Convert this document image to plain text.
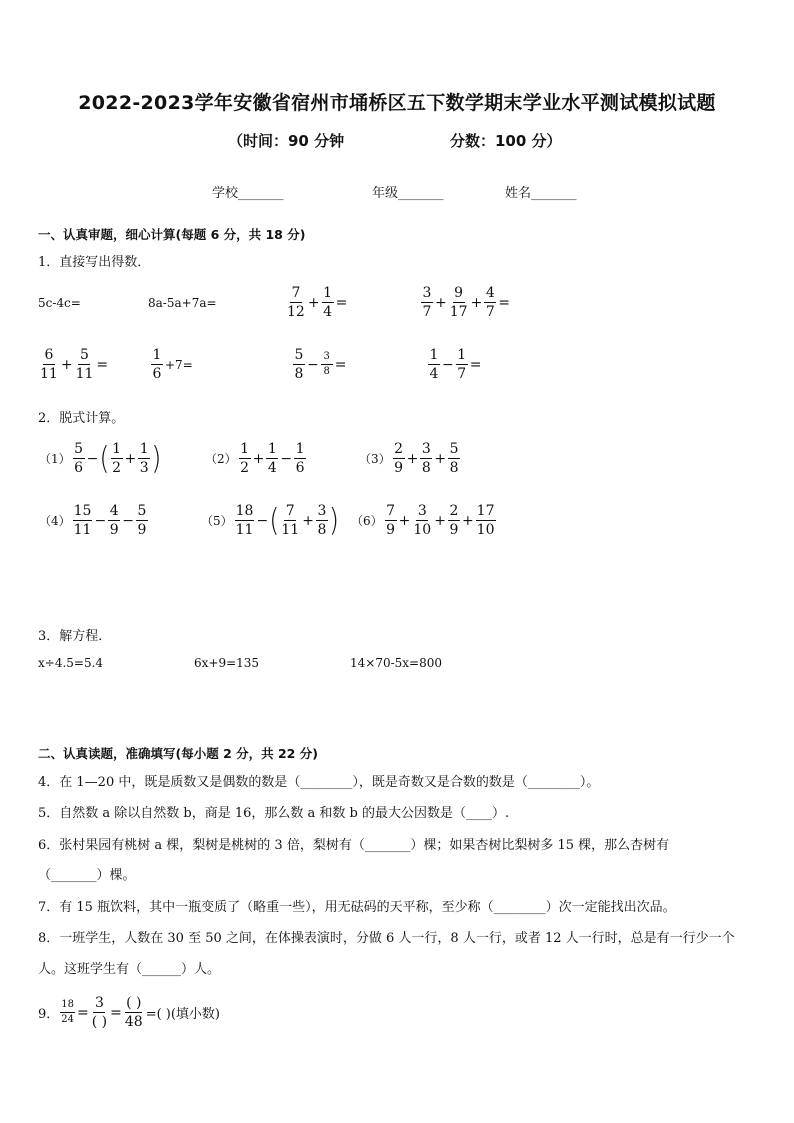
2022-2023学年安徽省宿州市埇桥区五下数学期末学业水平测试模拟试题
（时间：90 分钟	分数：100 分）
学校_______	年级_______	姓名_______
一、认真审题，细心计算(每题 6 分，共 18 分)
1．直接写出得数．
5c-4c=	8a-5a+7a=	$\frac{7}{12} + \frac{1}{4}$ =	$\frac{3}{7} + \frac{9}{17} + \frac{4}{7}$ =
$\frac{6}{11} + \frac{5}{11}$ =	$\frac{1}{6} +7=$	$\frac{5}{8} - \frac{3}{8}$ =	$\frac{1}{4} - \frac{1}{7}$ =
2．脱式计算。
$(1) \frac{5}{6}$ − ( $\frac{1}{2} + \frac{1}{3}$ )	$(2) \frac{1}{2} + \frac{1}{4} - \frac{1}{6}$	$(3) \frac{2}{9} + \frac{3}{8} + \frac{5}{8}$
$(4) \frac{15}{11} - \frac{4}{9} - \frac{5}{9}$	$(5) \frac{18}{11}$ − ( $\frac{7}{11} + \frac{3}{8}$ ) $(6) \frac{7}{9} + \frac{3}{10} + \frac{2}{9} + \frac{17}{10}$
3．解方程．
x÷4.5=5.4	6x+9=135	14×70-5x=800
二、认真读题，准确填写(每小题 2 分，共 22 分)
4．在 1—20 中，既是质数又是偶数的数是（________），既是奇数又是合数的数是（________）。
5．自然数 a 除以自然数 b，商是 16，那么数 a 和数 b 的最大公因数是（____）.
6．张村果园有桃树 a 棵，梨树是桃树的 3 倍，梨树有（_______）棵；如果杏树比梨树多 15 棵，那么杏树有
（_______）棵。
7．有 15 瓶饮料，其中一瓶变质了（略重一些），用无砝码的天平称，至少称（________）次一定能找出次品。
8．一班学生，人数在 30 至 50 之间，在体操表演时，分做 6 人一行，8 人一行，或者 12 人一行时，总是有一行少一个
人。这班学生有（______）人。
9． $\frac{18}{24} = \frac{3}{( )} = \frac{( )}{48}$ =( )(填小数)
